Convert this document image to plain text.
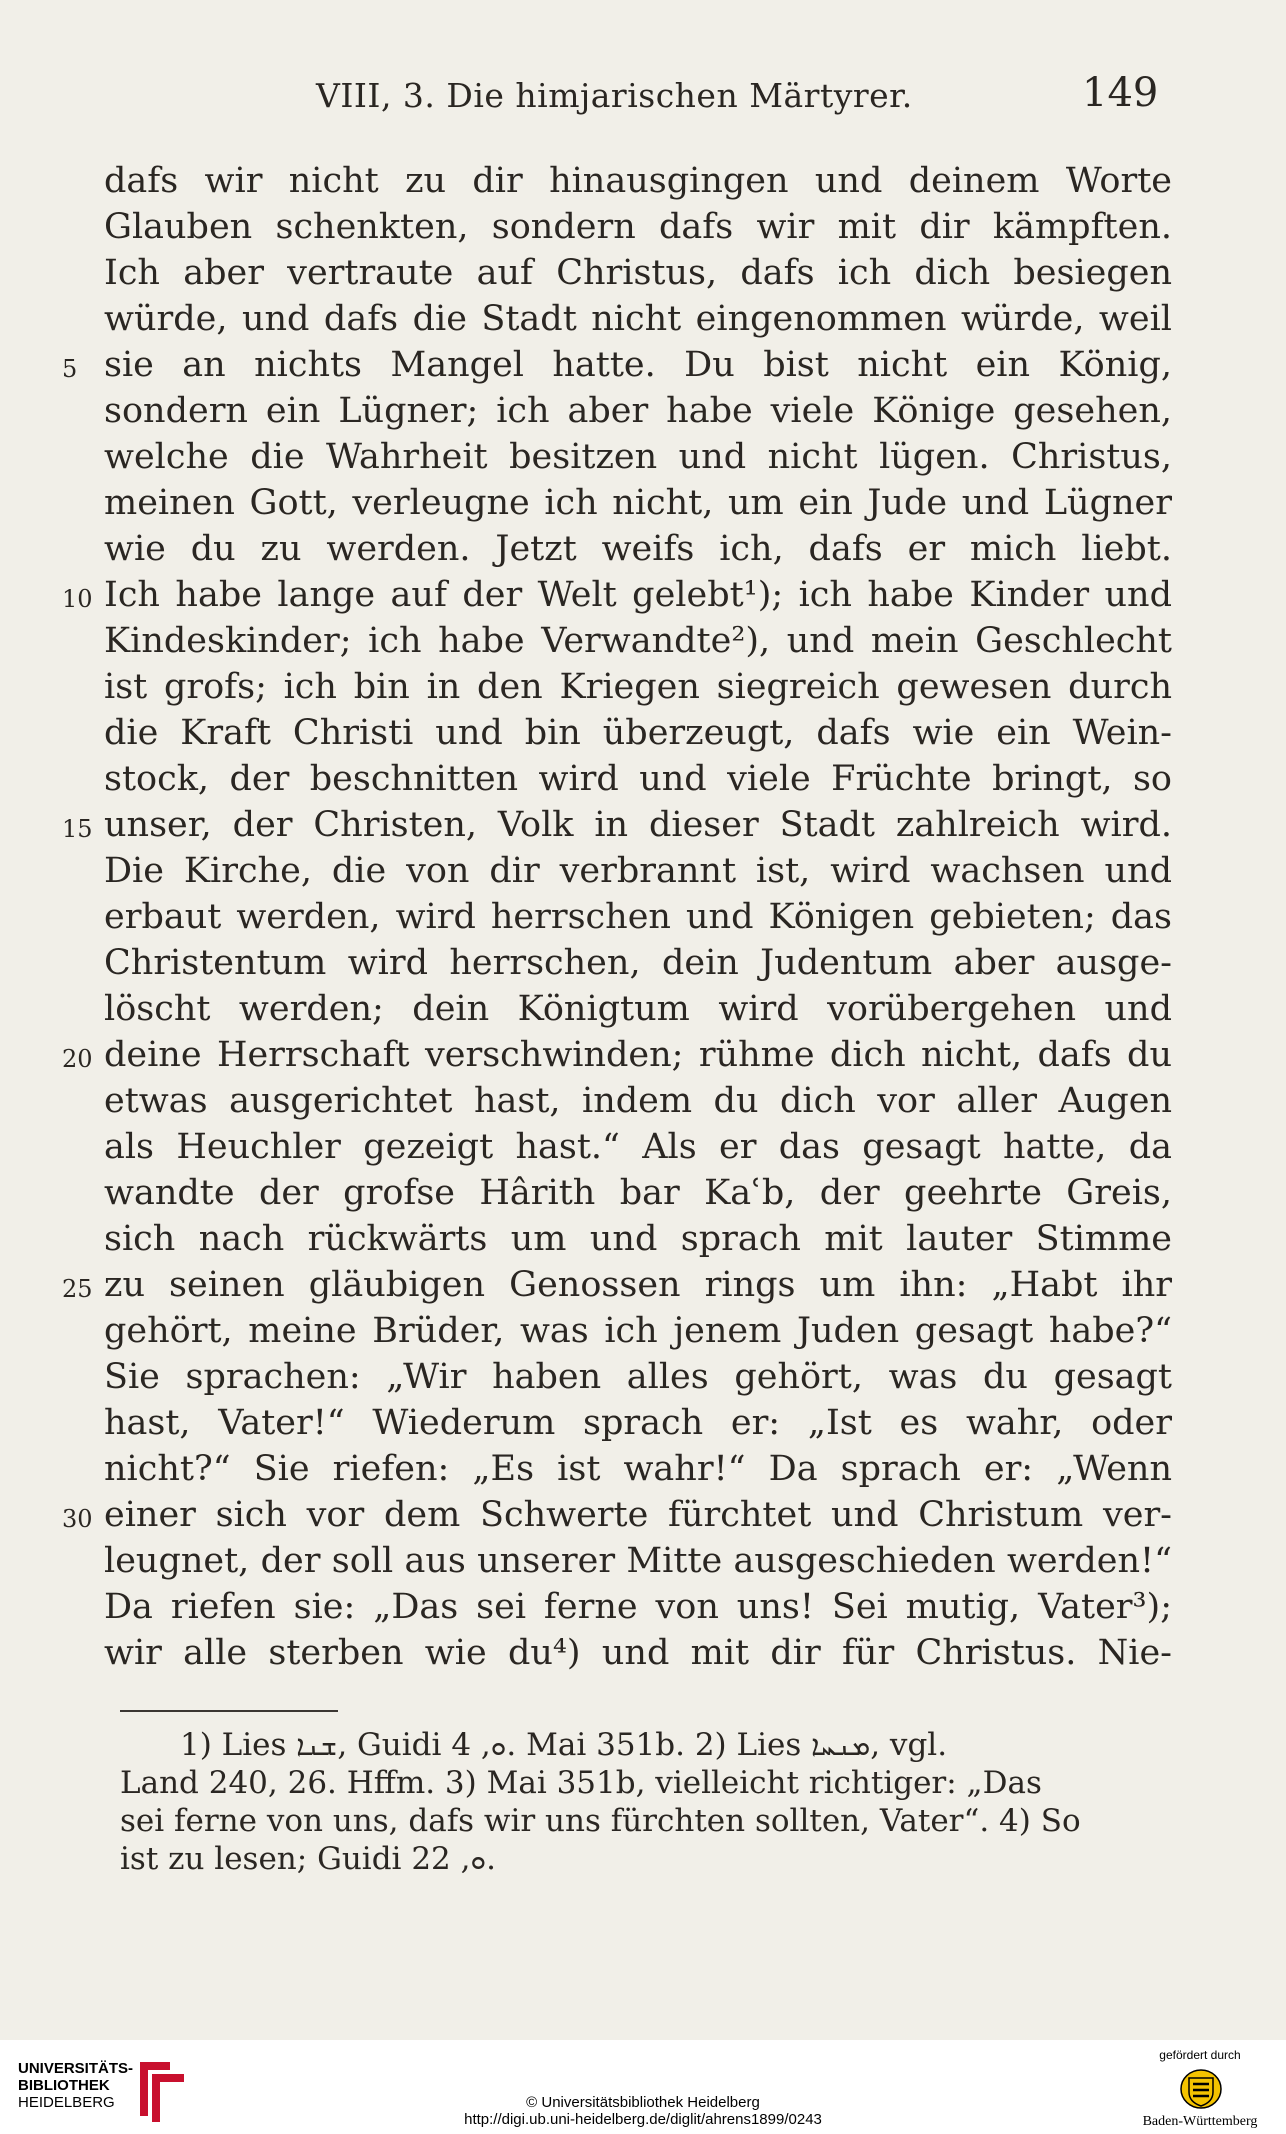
VIII, 3. Die himjarischen Märtyrer.	149
dafs wir nicht zu dir hinausgingen und deinem Worte
Glauben schenkten, sondern dafs wir mit dir kämpften.
Ich aber vertraute auf Christus, dafs ich dich besiegen
würde, und dafs die Stadt nicht eingenommen würde, weil
sie an nichts Mangel hatte. Du bist nicht ein König,
sondern ein Lügner; ich aber habe viele Könige gesehen,
welche die Wahrheit besitzen und nicht lügen. Christus,
meinen Gott, verleugne ich nicht, um ein Jude und Lügner
wie du zu werden. Jetzt weifs ich, dafs er mich liebt.
Ich habe lange auf der Welt gelebt¹); ich habe Kinder und
Kindeskinder; ich habe Verwandte²), und mein Geschlecht
ist grofs; ich bin in den Kriegen siegreich gewesen durch
die Kraft Christi und bin überzeugt, dafs wie ein Wein-
stock, der beschnitten wird und viele Früchte bringt, so
unser, der Christen, Volk in dieser Stadt zahlreich wird.
Die Kirche, die von dir verbrannt ist, wird wachsen und
erbaut werden, wird herrschen und Königen gebieten; das
Christentum wird herrschen, dein Judentum aber ausge-
löscht werden; dein Königtum wird vorübergehen und
deine Herrschaft verschwinden; rühme dich nicht, dafs du
etwas ausgerichtet hast, indem du dich vor aller Augen
als Heuchler gezeigt hast.“ Als er das gesagt hatte, da
wandte der grofse Hârith bar Kaʿb, der geehrte Greis,
sich nach rückwärts um und sprach mit lauter Stimme
zu seinen gläubigen Genossen rings um ihn: „Habt ihr
gehört, meine Brüder, was ich jenem Juden gesagt habe?“
Sie sprachen: „Wir haben alles gehört, was du gesagt
hast, Vater!“ Wiederum sprach er: „Ist es wahr, oder
nicht?“ Sie riefen: „Es ist wahr!“ Da sprach er: „Wenn
einer sich vor dem Schwerte fürchtet und Christum ver-
leugnet, der soll aus unserer Mitte ausgeschieden werden!“
Da riefen sie: „Das sei ferne von uns! Sei mutig, Vater³);
wir alle sterben wie du⁴) und mit dir für Christus. Nie-
5
10
15
20
25
30
1) Lies ܫܢܐ, Guidi ܘ, 4. Mai 351b. 2) Lies ܡܢܚܐ, vgl.
Land 240, 26. Hffm. 3) Mai 351b, vielleicht richtiger: „Das
sei ferne von uns, dafs wir uns fürchten sollten, Vater“. 4) So
ist zu lesen; Guidi ܘ, 22.
UNIVERSITÄTS-
BIBLIOTHEK
HEIDELBERG	© Universitätsbibliothek Heidelberg
http://digi.ub.uni-heidelberg.de/diglit/ahrens1899/0243
gefördert durch
Baden-Württemberg
